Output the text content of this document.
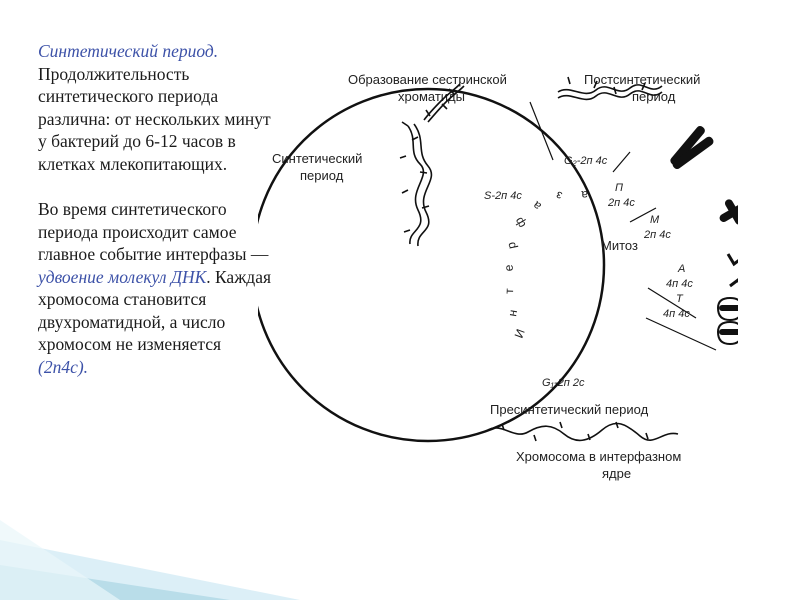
Синтетический период. Продолжительность синтетического периода различна: от нескольких минут у бактерий до 6-12 часов в клетках млекопитающих.

Во время синтетического периода происходит самое главное событие интерфазы — удвоение молекул ДНК. Каждая хромосома становится двухроматидной, а число хромосом не изменяется (2п4с).

Образование сестринской
хроматиды
Постсинтетический
период
Синтетический
период
Пресинтетический период
Хромосома в интерфазном
ядре
Митоз
G₂-2п 4с
S-2п 4с
G₁-2п 2с
П
2п 4с
М
2п 4с
А
4п 4с
Т
4п 4с
И
н
т
е
р
ф
а
з а
